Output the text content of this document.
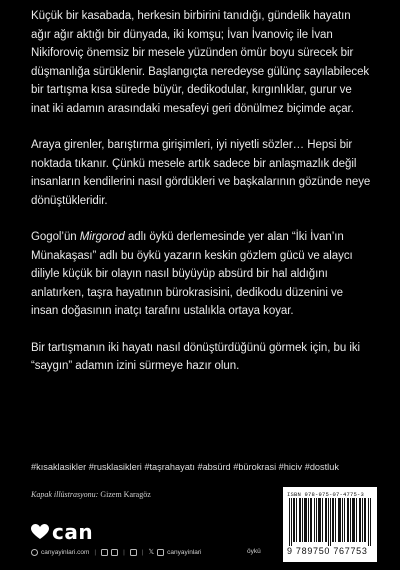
Küçük bir kasabada, herkesin birbirini tanıdığı, gündelik hayatın ağır ağır aktığı bir dünyada, iki komşu; İvan İvanoviç ile İvan Nikiforoviç önemsiz bir mesele yüzünden ömür boyu sürecek bir düşmanlığa sürüklenir. Başlangıçta neredeyse gülünç sayılabilecek bir tartışma kısa sürede büyür, dedikodular, kırgınlıklar, gurur ve inat iki adamın arasındaki mesafeyi geri dönülmez biçimde açar.

Araya girenler, barıştırma girişimleri, iyi niyetli sözler… Hepsi bir noktada tıkanır. Çünkü mesele artık sadece bir anlaşmazlık değil insanların kendilerini nasıl gördükleri ve başkalarının gözünde neye dönüştükleridir.

Gogol’ün Mirgorod adlı öykü derlemesinde yer alan “İki İvan’ın Münakaşası” adlı bu öykü yazarın keskin gözlem gücü ve alaycı diliyle küçük bir olayın nasıl büyüyüp absürd bir hal aldığını anlatırken, taşra hayatının bürokrasisini, dedikodu düzenini ve insan doğasının inatçı tarafını ustalıkla ortaya koyar.

Bir tartışmanın iki hayatı nasıl dönüştürdüğünü görmek için, bu iki “saygın” adamın izini sürmeye hazır olun.

#kısaklasikler #rusklasikleri #taşrahayatı #absürd #bürokrasi #hiciv #dostluk
Kapak illüstrasyonu: Gizem Karagöz	ISBN 978-975-07-4775-3
9 789750 767753
can
canyayinlari.com |	|	| 𝕏 canyayinlari	öykü
